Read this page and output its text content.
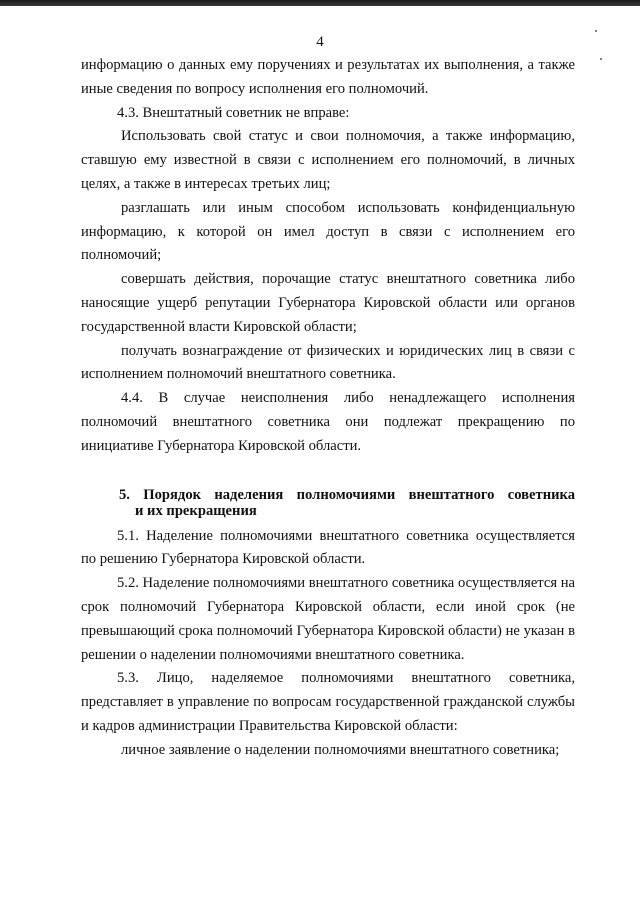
4

информацию о данных ему поручениях и результатах их выполнения, а также иные сведения по вопросу исполнения его полномочий.

4.3. Внештатный советник не вправе:

Использовать свой статус и свои полномочия, а также информацию, ставшую ему известной в связи с исполнением его полномочий, в личных целях, а также в интересах третьих лиц;

разглашать или иным способом использовать конфиденциальную информацию, к которой он имел доступ в связи с исполнением его полномочий;

совершать действия, порочащие статус внештатного советника либо наносящие ущерб репутации Губернатора Кировской области или органов государственной власти Кировской области;

получать вознаграждение от физических и юридических лиц в связи с исполнением полномочий внештатного советника.

4.4. В случае неисполнения либо ненадлежащего исполнения полномочий внештатного советника они подлежат прекращению по инициативе Губернатора Кировской области.

5. Порядок наделения полномочиями внештатного советника
и их прекращения

5.1. Наделение полномочиями внештатного советника осуществляется по решению Губернатора Кировской области.

5.2. Наделение полномочиями внештатного советника осуществляется на срок полномочий Губернатора Кировской области, если иной срок (не превышающий срока полномочий Губернатора Кировской области) не указан в решении о наделении полномочиями внештатного советника.

5.3. Лицо, наделяемое полномочиями внештатного советника, представляет в управление по вопросам государственной гражданской службы и кадров администрации Правительства Кировской области:

личное заявление о наделении полномочиями внештатного советника;
